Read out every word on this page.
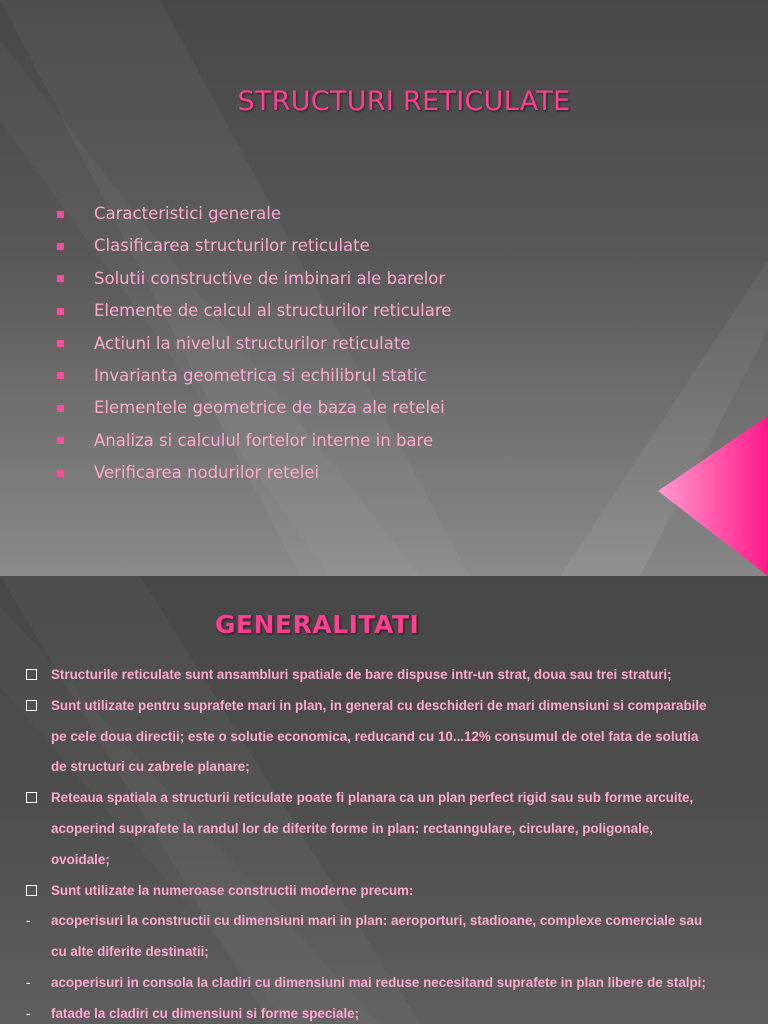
STRUCTURI RETICULATE
■ Caracteristici generale
■ Clasificarea structurilor reticulate
■ Solutii constructive de imbinari ale barelor
■ Elemente de calcul al structurilor reticulare
■ Actiuni la nivelul structurilor reticulate
■ Invarianta geometrica si echilibrul static
■ Elementele geometrice de baza ale retelei
■ Analiza si calculul fortelor interne in bare
■ Verificarea nodurilor retelei
GENERALITATI
Structurile reticulate sunt ansambluri spatiale de bare dispuse intr-un strat, doua sau trei straturi;
Sunt utilizate pentru suprafete mari in plan, in general cu deschideri de mari dimensiuni si comparabile
pe cele doua directii; este o solutie economica, reducand cu 10...12% consumul de otel fata de solutia
de structuri cu zabrele planare;
Reteaua spatiala a structurii reticulate poate fi planara ca un plan perfect rigid sau sub forme arcuite,
acoperind suprafete la randul lor de diferite forme in plan: rectanngulare, circulare, poligonale,
ovoidale;
Sunt utilizate la numeroase constructii moderne precum:
- acoperisuri la constructii cu dimensiuni mari in plan: aeroporturi, stadioane, complexe comerciale sau
cu alte diferite destinatii;
- acoperisuri in consola la cladiri cu dimensiuni mai reduse necesitand suprafete in plan libere de stalpi;
- fatade la cladiri cu dimensiuni si forme speciale;
